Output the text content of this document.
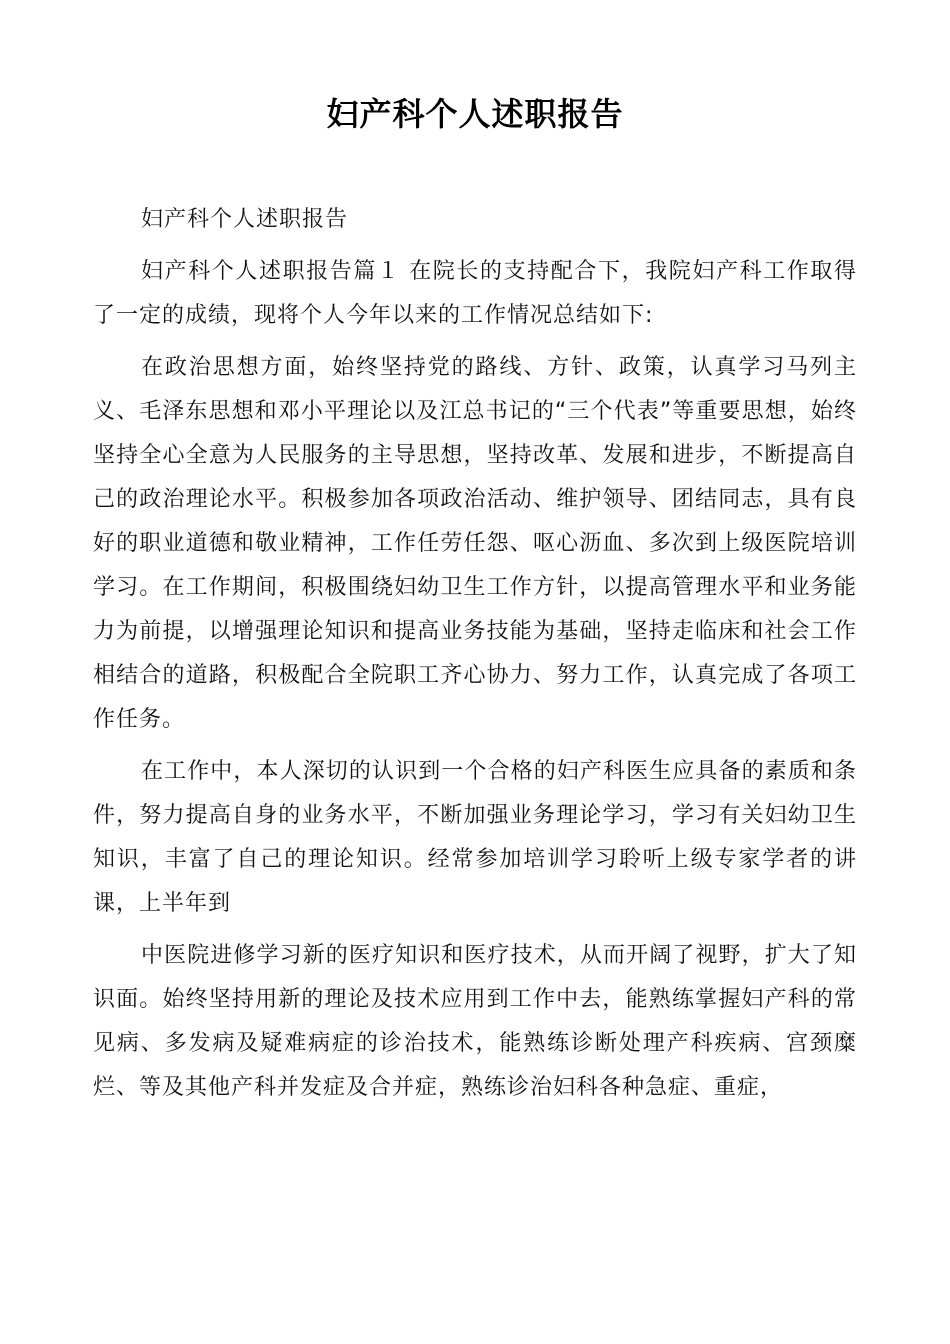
妇产科个人述职报告

妇产科个人述职报告

妇产科个人述职报告篇１ 在院长的支持配合下，我院妇产科工作取得了一定的成绩，现将个人今年以来的工作情况总结如下:

在政治思想方面，始终坚持党的路线、方针、政策，认真学习马列主义、毛泽东思想和邓小平理论以及江总书记的“三个代表”等重要思想，始终坚持全心全意为人民服务的主导思想，坚持改革、发展和进步，不断提高自己的政治理论水平。积极参加各项政治活动、维护领导、团结同志，具有良好的职业道德和敬业精神，工作任劳任怨、呕心沥血、多次到上级医院培训学习。在工作期间，积极围绕妇幼卫生工作方针，以提高管理水平和业务能力为前提，以增强理论知识和提高业务技能为基础，坚持走临床和社会工作相结合的道路，积极配合全院职工齐心协力、努力工作，认真完成了各项工作任务。

在工作中，本人深切的认识到一个合格的妇产科医生应具备的素质和条件，努力提高自身的业务水平，不断加强业务理论学习，学习有关妇幼卫生知识，丰富了自己的理论知识。经常参加培训学习聆听上级专家学者的讲课，上半年到

中医院进修学习新的医疗知识和医疗技术，从而开阔了视野，扩大了知识面。始终坚持用新的理论及技术应用到工作中去，能熟练掌握妇产科的常见病、多发病及疑难病症的诊治技术，能熟练诊断处理产科疾病、宫颈糜烂、等及其他产科并发症及合并症，熟练诊治妇科各种急症、重症，
